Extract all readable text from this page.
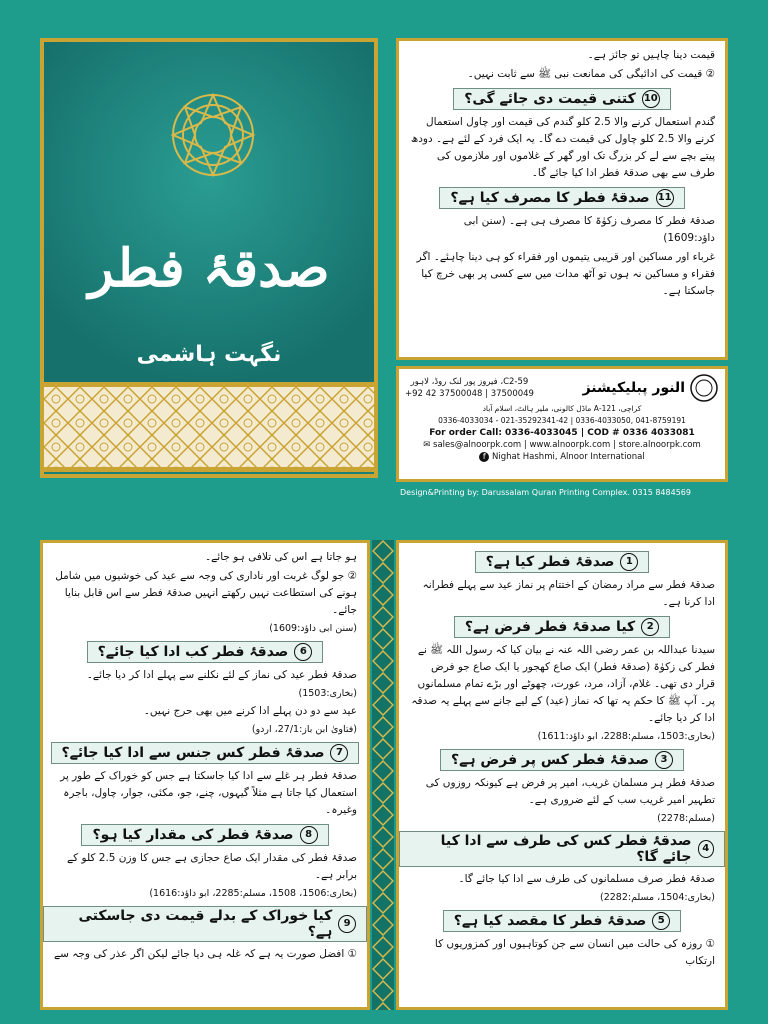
صدقۂ فطر
نگہت ہاشمی
قیمت دینا چاہیں تو جائز ہے۔
② قیمت کی ادائیگی کی ممانعت نبی ﷺ سے ثابت نہیں۔
10
کتنی قیمت دی جائے گی؟
گندم استعمال کرنے والا 2.5 کلو گندم کی قیمت اور چاول استعمال کرنے والا 2.5 کلو چاول کی قیمت دے گا۔ یہ ایک فرد کے لئے ہے۔ دودھ پیتے بچے سے لے کر بزرگ تک اور گھر کے غلاموں اور ملازموں کی طرف سے بھی صدقۂ فطر ادا کیا جائے گا۔
11
صدقۂ فطر کا مصرف کیا ہے؟
صدقۂ فطر کا مصرف زکوٰۃ کا مصرف ہی ہے۔ (سنن ابی داؤد:1609)
غرباء اور مساکین اور قریبی یتیموں اور فقراء کو ہی دینا چاہئے۔ اگر فقراء و مساکین نہ ہوں تو آٹھ مدات میں سے کسی پر بھی خرچ کیا جاسکتا ہے۔
النور پبلیکیشنز
C2-59، فیروز پور لنک روڈ، لاہور
+92 42 37500048 | 37500049
کراچی، 121-A ماڈل کالونی، ملیر ہالٹ، اسلام آباد
0336-4033034 - 021-35292341-42 | 0336-4033050, 041-8759191
For order Call: 0336-4033045 | COD # 0336 4033081
✉ sales@alnoorpk.com | www.alnoorpk.com | store.alnoorpk.com
f Nighat Hashmi, Alnoor International
Design&Printing by: Darussalam Quran Printing Complex. 0315 8484569
ہو جاتا ہے اس کی تلافی ہو جائے۔
② جو لوگ غربت اور ناداری کی وجہ سے عید کی خوشیوں میں شامل ہونے کی استطاعت نہیں رکھتے انہیں صدقۂ فطر سے اس قابل بنایا جائے۔
(سنن ابی داؤد:1609)
6
صدقۂ فطر کب ادا کیا جائے؟
صدقۂ فطر عید کی نماز کے لئے نکلنے سے پہلے ادا کر دیا جائے۔
(بخاری:1503)
عید سے دو دن پہلے ادا کرنے میں بھی حرج نہیں۔
(فتاویٰ ابن باز:27/1، اردو)
7
صدقۂ فطر کس جنس سے ادا کیا جائے؟
صدقۂ فطر ہر غلے سے ادا کیا جاسکتا ہے جس کو خوراک کے طور پر استعمال کیا جاتا ہے مثلاً گیہوں، چنے، جو، مکئی، جوار، چاول، باجرہ وغیرہ۔
8
صدقۂ فطر کی مقدار کیا ہو؟
صدقۂ فطر کی مقدار ایک صاع حجازی ہے جس کا وزن 2.5 کلو کے برابر ہے۔
(بخاری:1506، 1508، مسلم:2285، ابو داؤد:1616)
9
کیا خوراک کے بدلے قیمت دی جاسکتی ہے؟
① افضل صورت یہ ہے کہ غلہ ہی دیا جائے لیکن اگر عذر کی وجہ سے
1
صدقۂ فطر کیا ہے؟
صدقۂ فطر سے مراد رمضان کے اختتام پر نماز عید سے پہلے فطرانہ ادا کرنا ہے۔
2
کیا صدقۂ فطر فرض ہے؟
سیدنا عبداللہ بن عمر رضی اللہ عنہ نے بیان کیا کہ رسول اللہ ﷺ نے فطر کی زکوٰۃ (صدقۂ فطر) ایک صاع کھجور یا ایک صاع جو فرض قرار دی تھی۔ غلام، آزاد، مرد، عورت، چھوٹے اور بڑے تمام مسلمانوں پر۔ آپ ﷺ کا حکم یہ تھا کہ نماز (عید) کے لیے جانے سے پہلے یہ صدقہ ادا کر دیا جائے۔
(بخاری:1503، مسلم:2288، ابو داؤد:1611)
3
صدقۂ فطر کس پر فرض ہے؟
صدقۂ فطر ہر مسلمان غریب، امیر پر فرض ہے کیونکہ روزوں کی تطہیر امیر غریب سب کے لئے ضروری ہے۔
(مسلم:2278)
4
صدقۂ فطر کس کی طرف سے ادا کیا جائے گا؟
صدقۂ فطر صرف مسلمانوں کی طرف سے ادا کیا جائے گا۔
(بخاری:1504، مسلم:2282)
5
صدقۂ فطر کا مقصد کیا ہے؟
① روزہ کی حالت میں انسان سے جن کوتاہیوں اور کمزوریوں کا ارتکاب
